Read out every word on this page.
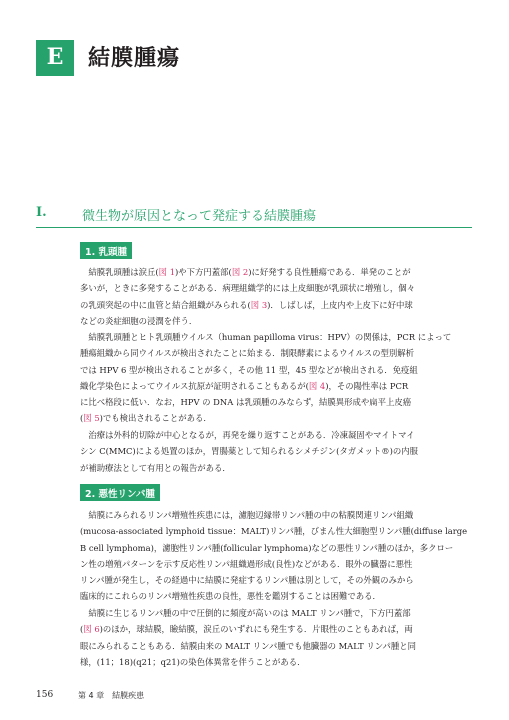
E	結膜腫瘍
I.	微生物が原因となって発症する結膜腫瘍
1. 乳頭腫
　結膜乳頭腫は涙丘(図 1)や下方円蓋部(図 2)に好発する良性腫瘍である．単発のことが
多いが，ときに多発することがある．病理組織学的には上皮細胞が乳頭状に増殖し，個々
の乳頭突起の中に血管と結合組織がみられる(図 3)．しばしば，上皮内や上皮下に好中球
などの炎症細胞の浸潤を伴う．
　結膜乳頭腫とヒト乳頭腫ウイルス（human papilloma virus：HPV）の関係は，PCR によって
腫瘍組織から同ウイルスが検出されたことに始まる．制限酵素によるウイルスの型別解析
では HPV 6 型が検出されることが多く，その他 11 型，45 型などが検出される．免疫組
織化学染色によってウイルス抗原が証明されることもあるが(図 4)，その陽性率は PCR
に比べ格段に低い．なお，HPV の DNA は乳頭腫のみならず，結膜異形成や扁平上皮癌
(図 5)でも検出されることがある．
　治療は外科的切除が中心となるが，再発を繰り返すことがある．冷凍凝固やマイトマイ
シン C(MMC)による処置のほか，胃腸薬として知られるシメチジン(タガメット®)の内服
が補助療法として有用との報告がある．
2. 悪性リンパ腫
　結膜にみられるリンパ増殖性疾患には，濾胞辺縁帯リンパ腫の中の粘膜関連リンパ組織
(mucosa-associated lymphoid tissue：MALT)リンパ腫，びまん性大細胞型リンパ腫(diffuse large
B cell lymphoma)，濾胞性リンパ腫(follicular lymphoma)などの悪性リンパ腫のほか，多クロー
ン性の増殖パターンを示す反応性リンパ組織過形成(良性)などがある．眼外の臓器に悪性
リンパ腫が発生し，その経過中に結膜に発症するリンパ腫は別として，その外観のみから
臨床的にこれらのリンパ増殖性疾患の良性，悪性を鑑別することは困難である．
　結膜に生じるリンパ腫の中で圧倒的に頻度が高いのは MALT リンパ腫で，下方円蓋部
(図 6)のほか，球結膜，瞼結膜，涙丘のいずれにも発生する．片眼性のこともあれば，両
眼にみられることもある．結膜由来の MALT リンパ腫でも他臓器の MALT リンパ腫と同
様，(11；18)(q21；q21)の染色体異常を伴うことがある．
156	第 4 章　結膜疾患
